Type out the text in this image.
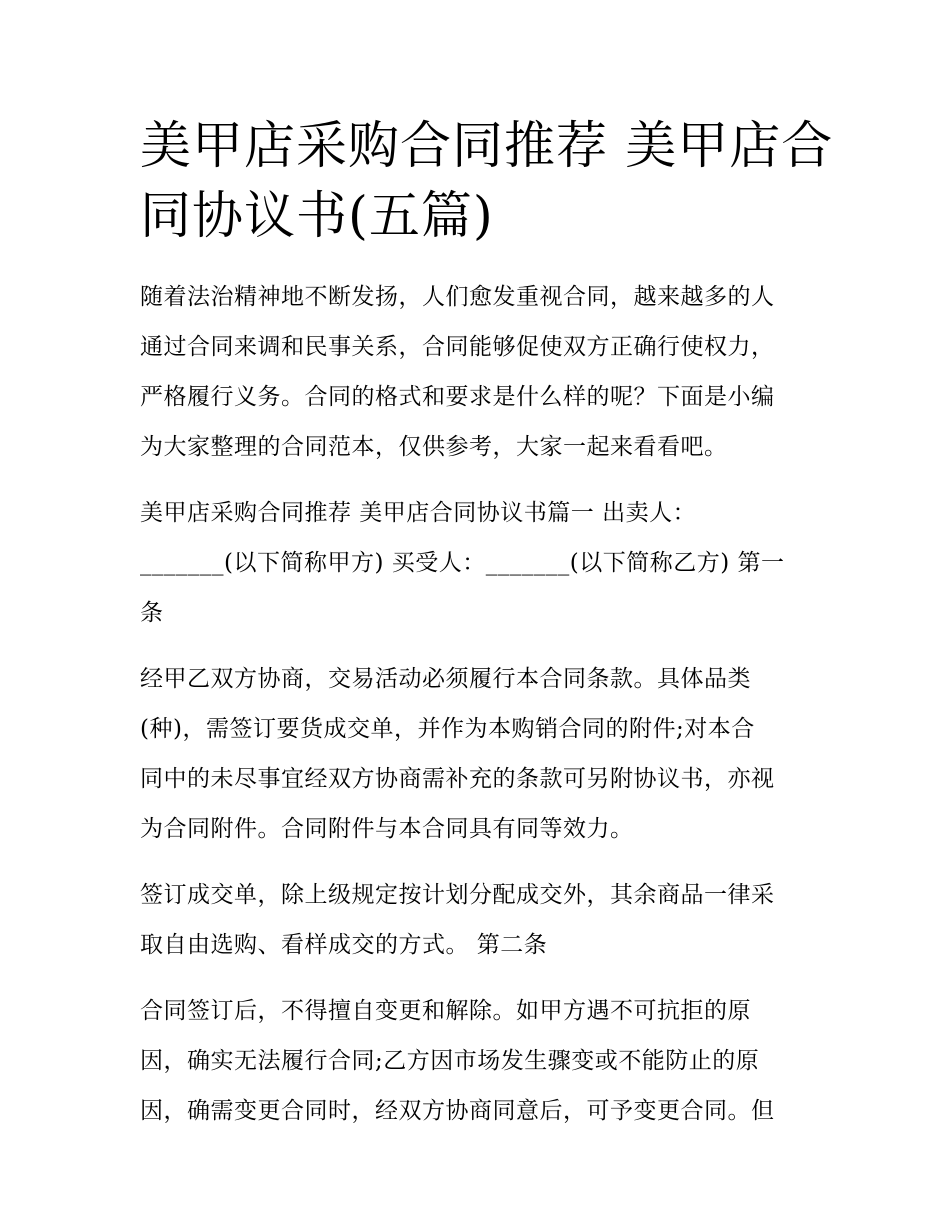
美甲店采购合同推荐 美甲店合
同协议书(五篇)
随着法治精神地不断发扬，人们愈发重视合同，越来越多的人
通过合同来调和民事关系，合同能够促使双方正确行使权力，
严格履行义务。合同的格式和要求是什么样的呢？下面是小编
为大家整理的合同范本，仅供参考，大家一起来看看吧。
美甲店采购合同推荐 美甲店合同协议书篇一 出卖人：
_______(以下简称甲方) 买受人：_______(以下简称乙方) 第一
条
经甲乙双方协商，交易活动必须履行本合同条款。具体品类
(种)，需签订要货成交单，并作为本购销合同的附件;对本合
同中的未尽事宜经双方协商需补充的条款可另附协议书，亦视
为合同附件。合同附件与本合同具有同等效力。
签订成交单，除上级规定按计划分配成交外，其余商品一律采
取自由选购、看样成交的方式。 第二条
合同签订后，不得擅自变更和解除。如甲方遇不可抗拒的原
因，确实无法履行合同;乙方因市场发生骤变或不能防止的原
因，确需变更合同时，经双方协商同意后，可予变更合同。但
